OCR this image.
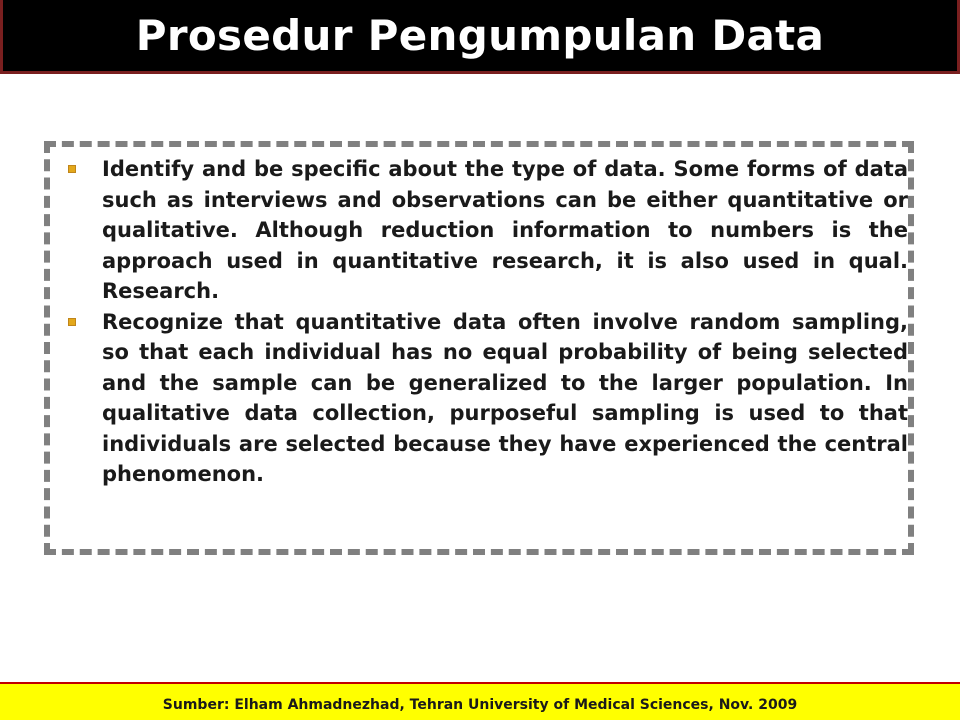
Prosedur Pengumpulan Data
Identify and be specific about the type of data. Some forms of data such as interviews and observations can be either quantitative or qualitative. Although reduction information to numbers is the approach used in quantitative research, it is also used in qual. Research.
Recognize that quantitative data often involve random sampling, so that each individual has no equal probability of being selected and the sample can be generalized to the larger population. In qualitative data collection, purposeful sampling is used to that individuals are selected because they have experienced the central phenomenon.
Sumber: Elham Ahmadnezhad, Tehran University of Medical Sciences, Nov. 2009
